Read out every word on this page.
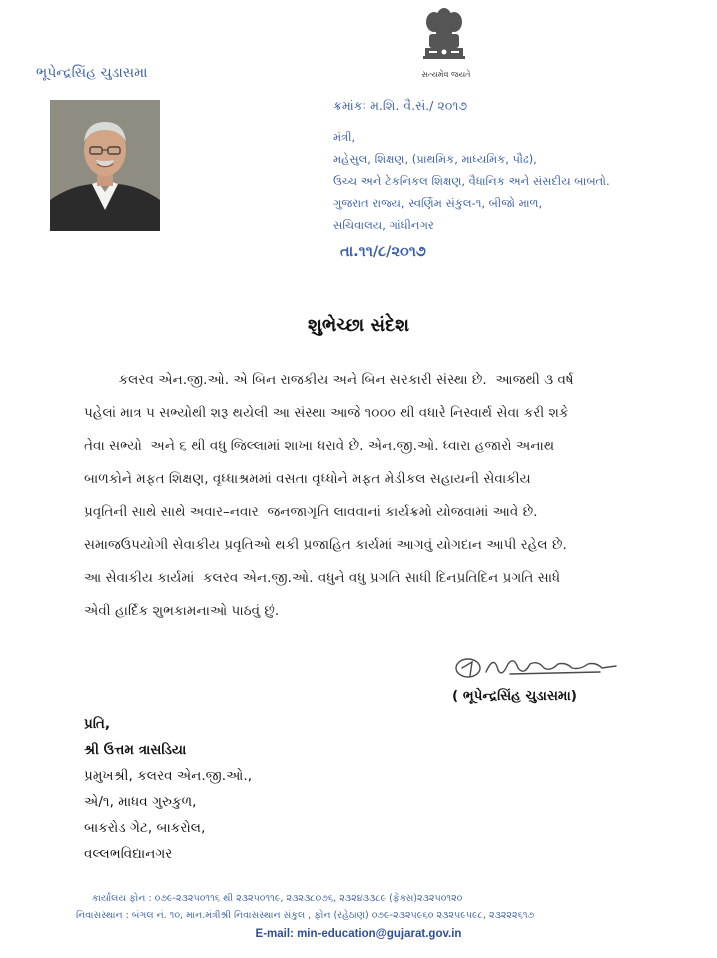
સત્યમેવ જયતે
ભૂપેન્દ્રસિંહ ચુડાસમા
ક્રમાંકઃ મ.શિ. વૈ.સં./ ૨૦૧૭
મંત્રી,
મહેસુલ, શિક્ષણ, (પ્રાથમિક, માધ્યમિક, પૌઢ),
ઉચ્ચ અને ટેકનિકલ શિક્ષણ, વૈધાનિક અને સંસદીય બાબતો.
ગુજરાત રાજ્ય, સ્વર્ણિમ સંકુલ-૧, બીજો માળ,
સચિવાલય, ગાંધીનગર
તા.૧૧/૮/૨૦૧૭
શુભેચ્છા સંદેશ
કલરવ એન.જી.ઓ. એ બિન રાજકીય અને બિન સરકારી સંસ્થા છે.  આજથી ૩ વર્ષ
પહેલાં માત્ર ૫ સભ્યોથી શરૂ થયેલી આ સંસ્થા આજે ૧૦૦૦ થી વધારે નિસ્વાર્થ સેવા કરી શકે
તેવા સભ્યો  અને ૬ થી વધુ જિલ્લામાં શાખા ધરાવે છે. એન.જી.ઓ. ધ્વારા હજારો અનાથ
બાળકોને મફત શિક્ષણ, વૃધ્ધાશ્રમમાં વસતા વૃધ્ધોને મફત મેડીકલ સહાયની સેવાકીય
પ્રવૃતિની સાથે સાથે અવાર–નવાર  જનજાગૃતિ લાવવાનાં કાર્યક્રમો યોજવામાં આવે છે.
સમાજઉપયોગી સેવાકીય પ્રવૃતિઓ થકી પ્રજાહિત કાર્યમાં આગવું યોગદાન આપી રહેલ છે.
આ સેવાકીય કાર્યમાં  કલરવ એન.જી.ઓ. વધુને વધુ પ્રગતિ સાધી દિનપ્રતિદિન પ્રગતિ સાધે
એવી હાર્દિક શુભકામનાઓ પાઠવું છું.
( ભૂપેન્દ્રસિંહ ચુડાસમા)
પ્રતિ,
શ્રી ઉત્તમ ત્રાસડિયા
પ્રમુખશ્રી, કલરવ એન.જી.ઓ.,
એ/૧, માધવ ગુરુકુળ,
બાકરોડ ગેટ, બાકરોલ,
વલ્લભવિદ્યાનગર
કાર્યાલય ફોન : ૦૭૯-૨૩૨૫૦૧૧૬ થી ૨૩૨૫૦૧૧૯, ૨૩૨૩૮૦૭૬, ૨૩૨૪૩૩૮૯ (ફેક્સ)૨૩૨૫૦૧૨૦
નિવાસસ્થાન : બંગલ નં. ૧૦, માન.મંત્રીશ્રી નિવાસસ્થાન સંકુલ , ફોન (રહેઠાણ) ૦૭૯-૨૩૨૫૯૬૦ ૨૩૨૫૯૫૯૮, ૨૩૨૨૨૬૧૭
E-mail: min-education@gujarat.gov.in
